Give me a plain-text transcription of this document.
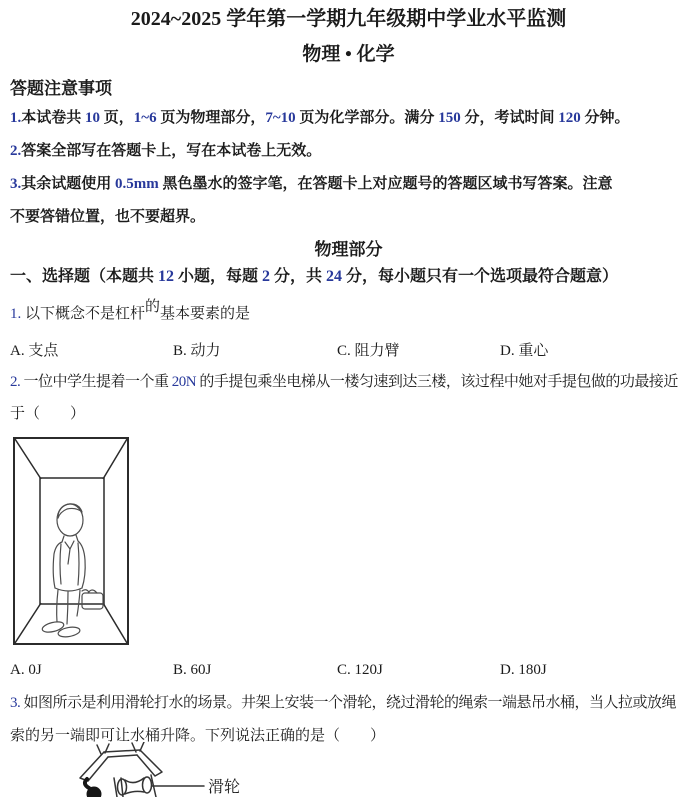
2024~2025 学年第一学期九年级期中学业水平监测
物理 • 化学
答题注意事项
1.本试卷共 10 页，1~6 页为物理部分，7~10 页为化学部分。满分 150 分，考试时间 120 分钟。
2.答案全部写在答题卡上，写在本试卷上无效。
3.其余试题使用 0.5mm 黑色墨水的签字笔，在答题卡上对应题号的答题区域书写答案。注意
不要答错位置，也不要超界。
物理部分
一、选择题（本题共 12 小题，每题 2 分，共 24 分，每小题只有一个选项最符合题意）
1. 以下概念不是杠杆的基本要素的是
A. 支点	B. 动力	C. 阻力臂	D. 重心
2. 一位中学生提着一个重 20N 的手提包乘坐电梯从一楼匀速到达三楼，该过程中她对手提包做的功最接近
于（　　）
A. 0J	B. 60J	C. 120J	D. 180J
3. 如图所示是利用滑轮打水的场景。井架上安装一个滑轮，绕过滑轮的绳索一端悬吊水桶，当人拉或放绳
索的另一端即可让水桶升降。下列说法正确的是（　　）
滑轮
